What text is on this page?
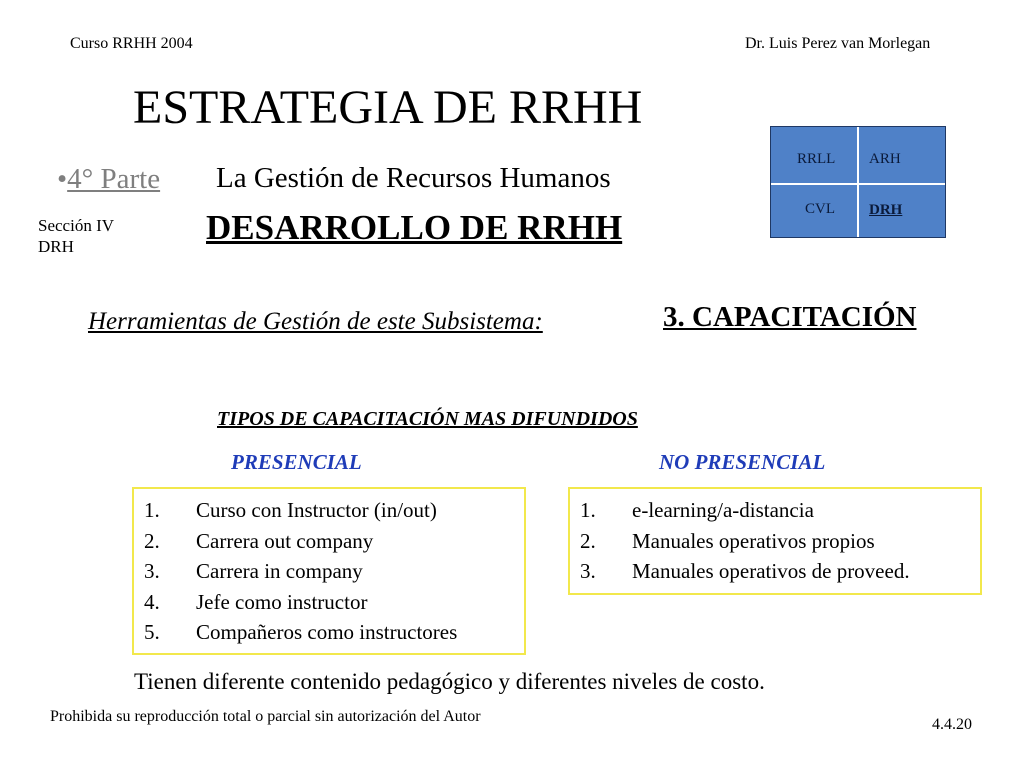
Curso RRHH 2004	Dr. Luis Perez van Morlegan
ESTRATEGIA DE RRHH
•4° Parte La Gestión de Recursos Humanos
Sección IV
DRH	DESARROLLO DE RRHH
RRLL ARH
CVL DRH
Herramientas de Gestión de este Subsistema:	3. CAPACITACIÓN
TIPOS DE CAPACITACIÓN MAS DIFUNDIDOS
PRESENCIAL	NO PRESENCIAL
1. Curso con Instructor (in/out)
2. Carrera out company
3. Carrera in company
4. Jefe como instructor
5. Compañeros como instructores
1. e-learning/a-distancia
2. Manuales operativos propios
3. Manuales operativos de proveed.
Tienen diferente contenido pedagógico y diferentes niveles de costo.
Prohibida su reproducción total o parcial sin autorización del Autor	4.4.20
